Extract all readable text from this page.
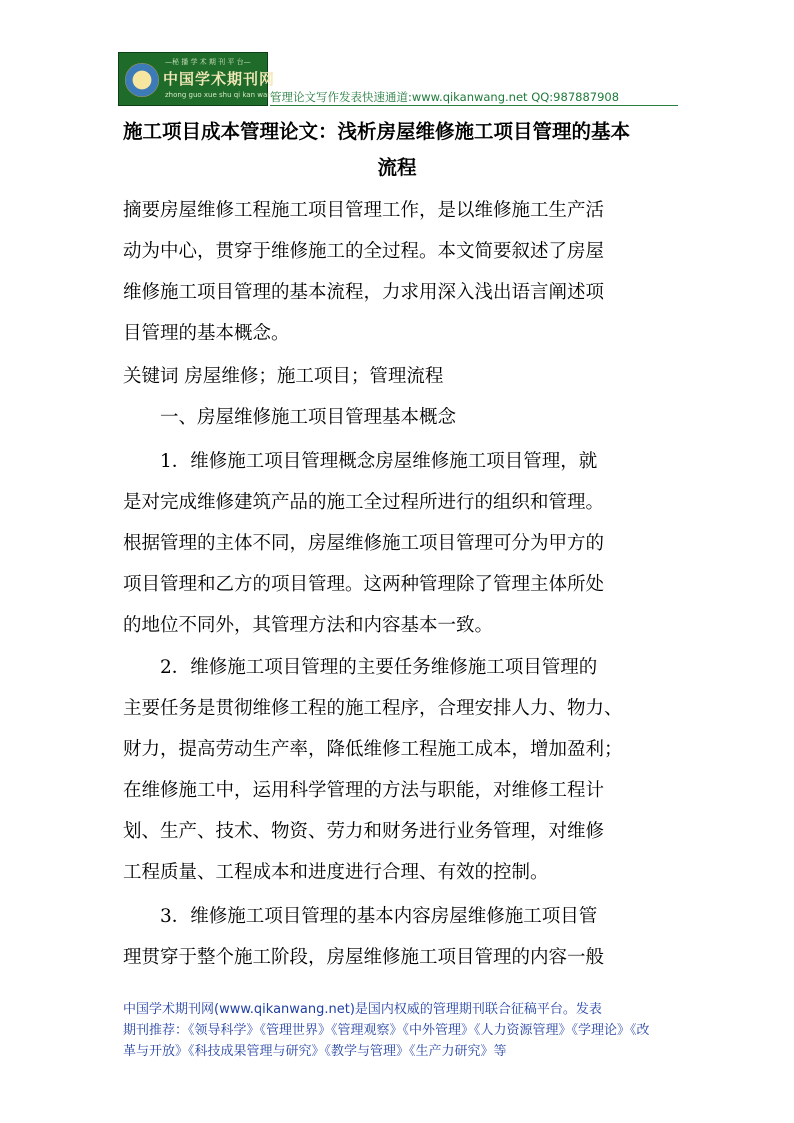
—秘 播 学 术 期 刊 平 台—
中国学术期刊网
zhong guo xue shu qi kan wang
管理论文写作发表快速通道:www.qikanwang.net QQ:987887908
施工项目成本管理论文：浅析房屋维修施工项目管理的基本
流程
摘要房屋维修工程施工项目管理工作，是以维修施工生产活
动为中心，贯穿于维修施工的全过程。本文简要叙述了房屋
维修施工项目管理的基本流程，力求用深入浅出语言阐述项
目管理的基本概念。
关键词 房屋维修；施工项目；管理流程
　　一、房屋维修施工项目管理基本概念
　　1．维修施工项目管理概念房屋维修施工项目管理，就
是对完成维修建筑产品的施工全过程所进行的组织和管理。
根据管理的主体不同，房屋维修施工项目管理可分为甲方的
项目管理和乙方的项目管理。这两种管理除了管理主体所处
的地位不同外，其管理方法和内容基本一致。
　　2．维修施工项目管理的主要任务维修施工项目管理的
主要任务是贯彻维修工程的施工程序，合理安排人力、物力、
财力，提高劳动生产率，降低维修工程施工成本，增加盈利；
在维修施工中，运用科学管理的方法与职能，对维修工程计
划、生产、技术、物资、劳力和财务进行业务管理，对维修
工程质量、工程成本和进度进行合理、有效的控制。
　　3．维修施工项目管理的基本内容房屋维修施工项目管
理贯穿于整个施工阶段，房屋维修施工项目管理的内容一般
中国学术期刊网(www.qikanwang.net)是国内权威的管理期刊联合征稿平台。发表
期刊推荐：《领导科学》《管理世界》《管理观察》《中外管理》《人力资源管理》《学理论》《改
革与开放》《科技成果管理与研究》《教学与管理》《生产力研究》等
